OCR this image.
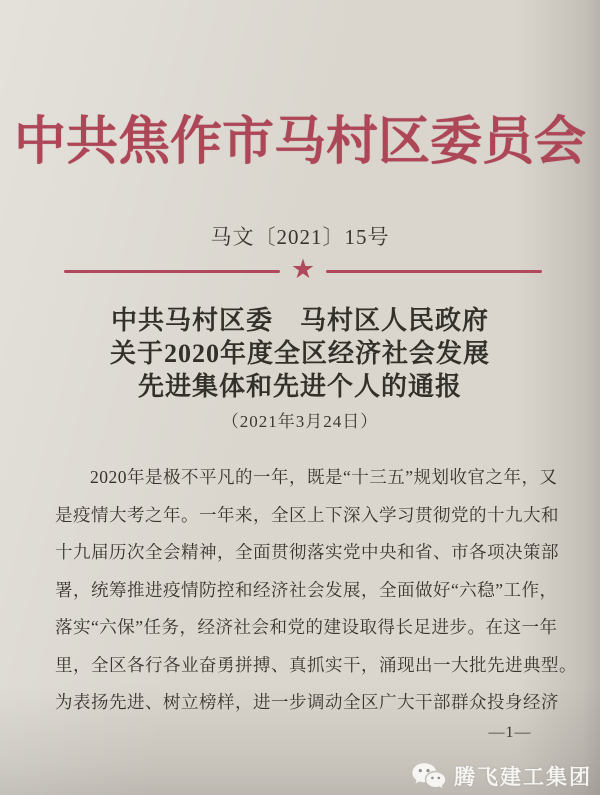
中共焦作市马村区委员会
马文〔2021〕15号
★
中共马村区委　马村区人民政府
关于2020年度全区经济社会发展
先进集体和先进个人的通报
（2021年3月24日）
2020年是极不平凡的一年，既是“十三五”规划收官之年，又
是疫情大考之年。一年来，全区上下深入学习贯彻党的十九大和
十九届历次全会精神，全面贯彻落实党中央和省、市各项决策部
署，统筹推进疫情防控和经济社会发展，全面做好“六稳”工作，
落实“六保”任务，经济社会和党的建设取得长足进步。在这一年
里，全区各行各业奋勇拼搏、真抓实干，涌现出一大批先进典型。
为表扬先进、树立榜样，进一步调动全区广大干部群众投身经济
—1—
腾飞建工集团
